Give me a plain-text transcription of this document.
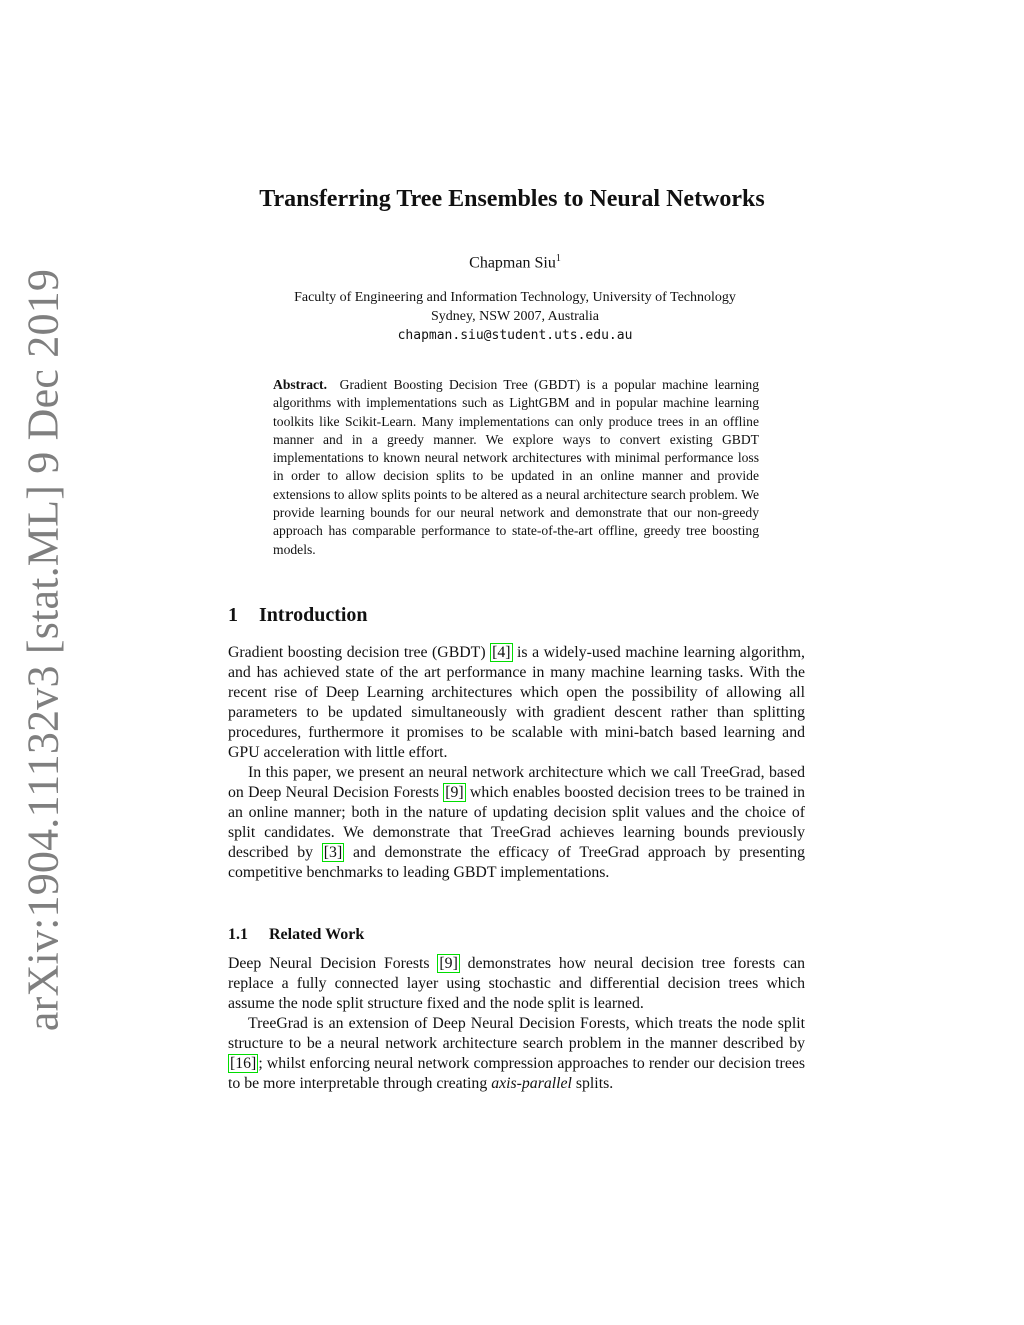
arXiv:1904.11132v3 [stat.ML] 9 Dec 2019
Transferring Tree Ensembles to Neural Networks
Chapman Siu$^1$
Faculty of Engineering and Information Technology, University of Technology
Sydney, NSW 2007, Australia
chapman.siu@student.uts.edu.au
Abstract. Gradient Boosting Decision Tree (GBDT) is a popular machine learning algorithms with implementations such as LightGBM and in popular machine learning toolkits like Scikit-Learn. Many implementations can only produce trees in an offline manner and in a greedy manner. We explore ways to convert existing GBDT implementations to known neural network architectures with minimal performance loss in order to allow decision splits to be updated in an online manner and provide extensions to allow splits points to be altered as a neural architecture search problem. We provide learning bounds for our neural network and demonstrate that our non-greedy approach has comparable performance to state-of-the-art offline, greedy tree boosting models.
1 Introduction
Gradient boosting decision tree (GBDT) [4] is a widely-used machine learning algorithm, and has achieved state of the art performance in many machine learning tasks. With the recent rise of Deep Learning architectures which open the possibility of allowing all parameters to be updated simultaneously with gradient descent rather than splitting procedures, furthermore it promises to be scalable with mini-batch based learning and GPU acceleration with little effort.
In this paper, we present an neural network architecture which we call TreeGrad, based on Deep Neural Decision Forests [9] which enables boosted decision trees to be trained in an online manner; both in the nature of updating decision split values and the choice of split candidates. We demonstrate that TreeGrad achieves learning bounds previously described by [3] and demonstrate the efficacy of TreeGrad approach by presenting competitive benchmarks to leading GBDT implementations.
1.1 Related Work
Deep Neural Decision Forests [9] demonstrates how neural decision tree forests can replace a fully connected layer using stochastic and differential decision trees which assume the node split structure fixed and the node split is learned.
TreeGrad is an extension of Deep Neural Decision Forests, which treats the node split structure to be a neural network architecture search problem in the manner described by [16] ; whilst enforcing neural network compression approaches to render our decision trees to be more interpretable through creating axis-parallel splits.
